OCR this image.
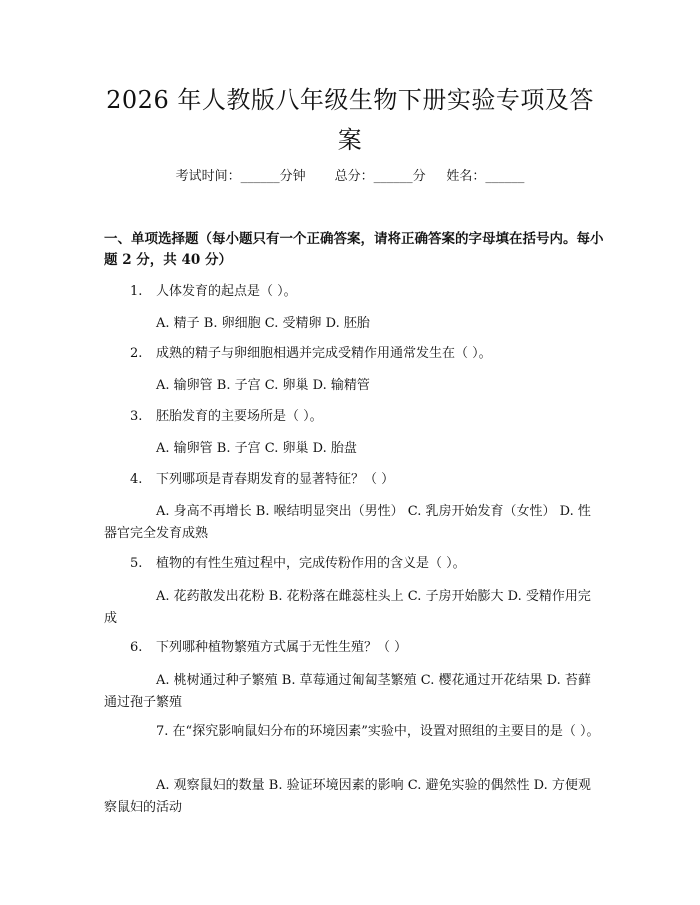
2026 年人教版八年级生物下册实验专项及答案
考试时间：______分钟 总分：______分 姓名：______
一、单项选择题（每小题只有一个正确答案，请将正确答案的字母填在括号内。每小题 2 分，共 40 分）
1. 人体发育的起点是（ ）。
A. 精子 B. 卵细胞 C. 受精卵 D. 胚胎
2. 成熟的精子与卵细胞相遇并完成受精作用通常发生在（ ）。
A. 输卵管 B. 子宫 C. 卵巢 D. 输精管
3. 胚胎发育的主要场所是（ ）。
A. 输卵管 B. 子宫 C. 卵巢 D. 胎盘
4. 下列哪项是青春期发育的显著特征？（ ）
A. 身高不再增长 B. 喉结明显突出（男性） C. 乳房开始发育（女性） D. 性器官完全发育成熟
5. 植物的有性生殖过程中，完成传粉作用的含义是（ ）。
A. 花药散发出花粉 B. 花粉落在雌蕊柱头上 C. 子房开始膨大 D. 受精作用完成
6. 下列哪种植物繁殖方式属于无性生殖？（ ）
A. 桃树通过种子繁殖 B. 草莓通过匍匐茎繁殖 C. 樱花通过开花结果 D. 苔藓通过孢子繁殖
7. 在“探究影响鼠妇分布的环境因素”实验中，设置对照组的主要目的是（ ）。
A. 观察鼠妇的数量 B. 验证环境因素的影响 C. 避免实验的偶然性 D. 方便观察鼠妇的活动
